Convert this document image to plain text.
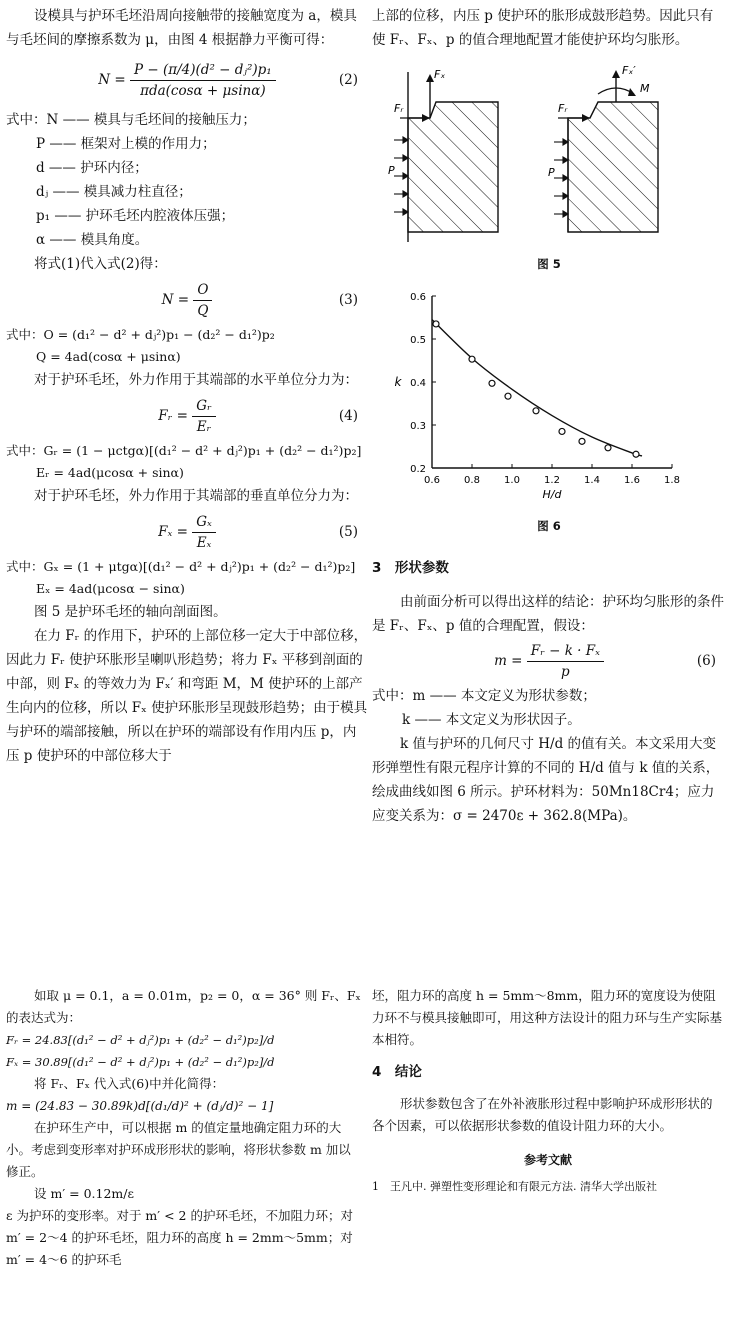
设模具与护环毛坯沿周向接触带的接触宽度为 a，模具与毛坯间的摩擦系数为 μ，由图 4 根据静力平衡可得：

$N = \frac{\text{P − (π/4)(d² − dⱼ²)p₁}}{\text{πda(cosα + μsinα)}}$	(2)

式中：N —— 模具与毛坯间的接触压力；

P —— 框架对上模的作用力；

d —— 护环内径；

dⱼ —— 模具减力柱直径；

p₁ —— 护环毛坯内腔液体压强；

α —— 模具角度。

将式(1)代入式(2)得：

$N = \frac{O}{Q}$	(3)

式中：O = (d₁² − d² + dⱼ²)p₁ − (d₂² − d₁²)p₂

Q = 4ad(cosα + μsinα)

对于护环毛坯，外力作用于其端部的水平单位分力为：

Fᵣ = $\frac{\text{Gᵣ}}{\text{Eᵣ}}$	(4)

式中：Gᵣ = (1 − μctgα)[(d₁² − d² + dⱼ²)p₁ + (d₂² − d₁²)p₂]

Eᵣ = 4ad(μcosα + sinα)

对于护环毛坯，外力作用于其端部的垂直单位分力为：

$F_x = \frac{\text{Gₓ}}{\text{Eₓ}}$	(5)

式中：Gₓ = (1 + μtgα)[(d₁² − d² + dⱼ²)p₁ + (d₂² − d₁²)p₂]

Eₓ = 4ad(μcosα − sinα)

图 5 是护环毛坯的轴向剖面图。

在力 Fᵣ 的作用下，护环的上部位移一定大于中部位移，因此力 Fᵣ 使护环胀形呈喇叭形趋势；将力 Fₓ 平移到剖面的中部，则 Fₓ 的等效力为 Fₓ′ 和弯距 M，M 使护环的上部产生向内的位移，所以 Fₓ 使护环胀形呈现鼓形趋势；由于模具与护环的端部接触，所以在护环的端部设有作用内压 p，内压 p 使护环的中部位移大于

上部的位移，内压 p 使护环的胀形成鼓形趋势。因此只有使 Fᵣ、Fₓ、p 的值合理地配置才能使护环均匀胀形。

Fₓ
Fᵣ
P
Fₓ′
M
Fᵣ
P
图 5
0.6 0.8 1.0 1.2 1.4 1.6 1.8
0.2
0.3
0.4
0.5
0.6
H/d
k
图 6
3　形状参数

由前面分析可以得出这样的结论：护环均匀胀形的条件是 Fᵣ、Fₓ、p 值的合理配置，假设：

$m = \frac{\text{Fᵣ − k · Fₓ}}{p}$	(6)

式中：m —— 本文定义为形状参数；

k —— 本文定义为形状因子。

k 值与护环的几何尺寸 H/d 的值有关。本文采用大变形弹塑性有限元程序计算的不同的 H/d 值与 k 值的关系，绘成曲线如图 6 所示。护环材料为：50Mn18Cr4；应力应变关系为：σ = 2470ε + 362.8(MPa)。

如取 μ = 0.1，a = 0.01m，p₂ = 0，α = 36° 则 Fᵣ、Fₓ 的表达式为：

Fᵣ = 24.83[(d₁² − d² + dⱼ²)p₁ + (d₂² − d₁²)p₂]/d

Fₓ = 30.89[(d₁² − d² + dⱼ²)p₁ + (d₂² − d₁²)p₂]/d

将 Fᵣ、Fₓ 代入式(6)中并化简得：

m = (24.83 − 30.89k)d[(d₁/d)² + (dⱼ/d)² − 1]

在护环生产中，可以根据 m 的值定量地确定阻力环的大小。考虑到变形率对护环成形形状的影响，将形状参数 m 加以修正。

设 m′ = 0.12m/ε

ε 为护环的变形率。对于 m′ < 2 的护环毛坯，不加阻力环；对 m′ = 2～4 的护环毛坯，阻力环的高度 h = 2mm～5mm；对 m′ = 4～6 的护环毛

坯，阻力环的高度 h = 5mm～8mm，阻力环的宽度设为使阻力环不与模具接触即可，用这种方法设计的阻力环与生产实际基本相符。

4　结论

形状参数包含了在外补液胀形过程中影响护环成形形状的各个因素，可以依据形状参数的值设计阻力环的大小。

参考文献

1　王凡中. 弹塑性变形理论和有限元方法. 清华大学出版社
